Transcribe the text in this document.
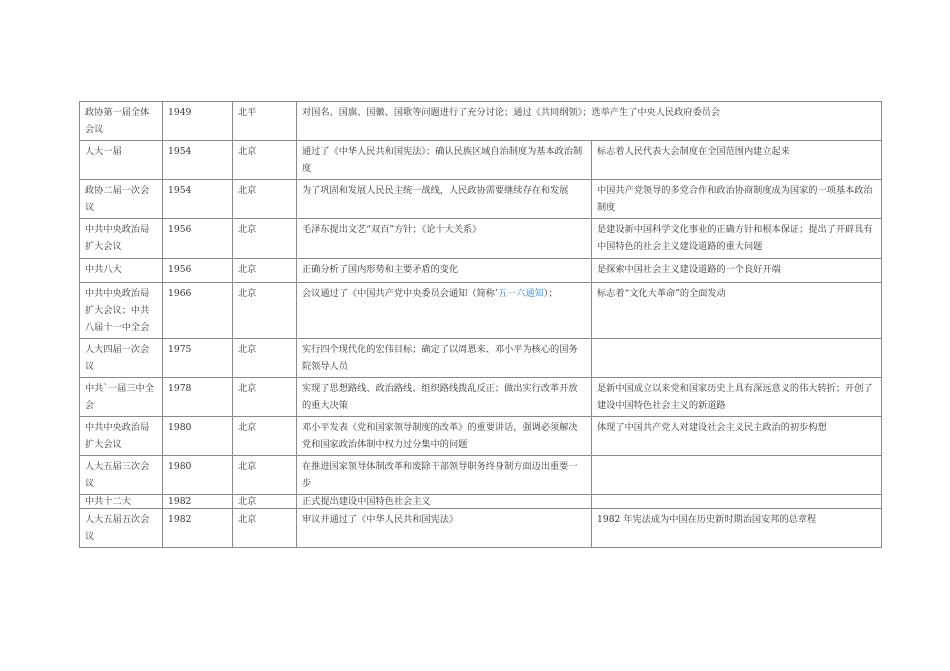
政协第一届全体会议	1949	北平	对国名、国旗、国徽、国歌等问题进行了充分讨论；通过《共同纲领》；选举产生了中央人民政府委员会	
人大一届	1954	北京	通过了《中华人民共和国宪法》；确认民族区域自治制度为基本政治制度	标志着人民代表大会制度在全国范围内建立起来
政协二届一次会议	1954	北京	为了巩固和发展人民民主统一战线，人民政协需要继续存在和发展	中国共产党领导的多党合作和政治协商制度成为国家的一项基本政治制度
中共中央政治局扩大会议	1956	北京	毛泽东提出文艺“双百”方针；《论十大关系》	是建设新中国科学文化事业的正确方针和根本保证；提出了开辟具有中国特色的社会主义建设道路的重大问题
中共八大	1956	北京	正确分析了国内形势和主要矛盾的变化	是探索中国社会主义建设道路的一个良好开端
中共中央政治局扩大会议；中共八届十一中全会	1966	北京	会议通过了《中国共产党中央委员会通知（简称’五一六通知）；	标志着“文化大革命”的全面发动
人大四届一次会议	1975	北京	实行四个现代化的宏伟目标；确定了以周恩来、邓小平为核心的国务院领导人员	
中共`一届三中全会	1978	北京	实现了思想路线、政治路线、组织路线拨乱反正；做出实行改革开放的重大决策	是新中国成立以来党和国家历史上具有深远意义的伟大转折；开创了建设中国特色社会主义的新道路
中共中央政治局扩大会议	1980	北京	邓小平发表《党和国家领导制度的改革》的重要讲话，强调必须解决党和国家政治体制中权力过分集中的问题	体现了中国共产党人对建设社会主义民主政治的初步构想
人大五届三次会议	1980	北京	在推进国家领导体制改革和废除干部领导职务终身制方面迈出重要一步	
中共十二大	1982	北京	正式提出建设中国特色社会主义	
人大五届五次会议	1982	北京	审议并通过了《中华人民共和国宪法》	1982 年宪法成为中国在历史新时期治国安邦的总章程
